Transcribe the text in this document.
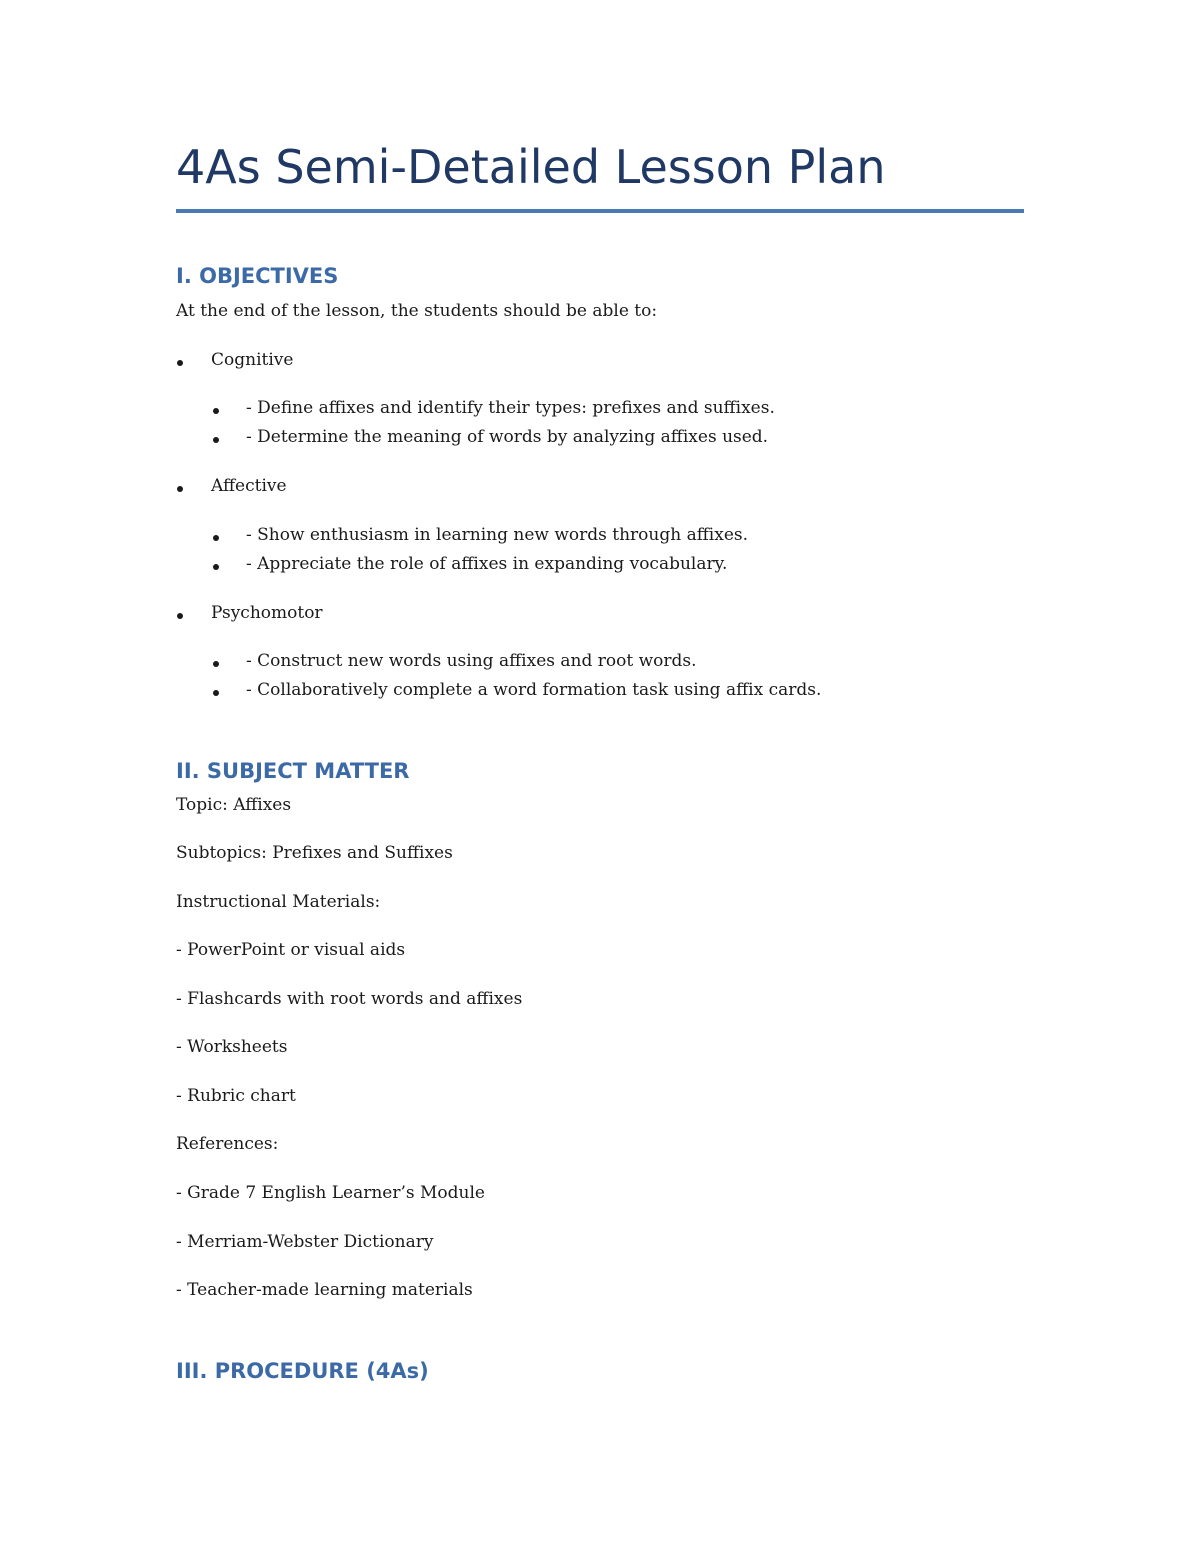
4As Semi-Detailed Lesson Plan
I. OBJECTIVES
At the end of the lesson, the students should be able to:
Cognitive
- Define affixes and identify their types: prefixes and suffixes.
- Determine the meaning of words by analyzing affixes used.
Affective
- Show enthusiasm in learning new words through affixes.
- Appreciate the role of affixes in expanding vocabulary.
Psychomotor
- Construct new words using affixes and root words.
- Collaboratively complete a word formation task using affix cards.
II. SUBJECT MATTER
Topic: Affixes
Subtopics: Prefixes and Suffixes
Instructional Materials:
- PowerPoint or visual aids
- Flashcards with root words and affixes
- Worksheets
- Rubric chart
References:
- Grade 7 English Learner’s Module
- Merriam-Webster Dictionary
- Teacher-made learning materials
III. PROCEDURE (4As)
